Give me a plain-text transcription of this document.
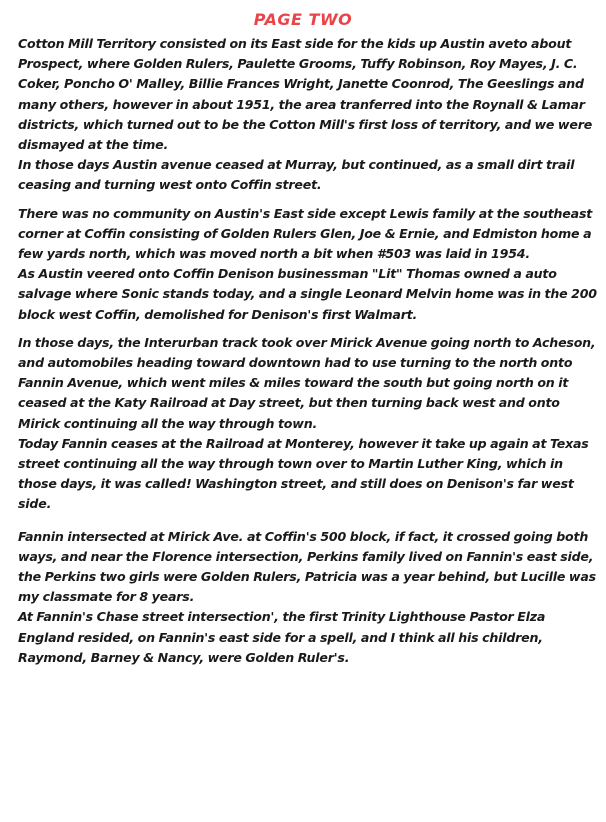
PAGE TWO

Cotton Mill Territory consisted on its East side for the kids up Austin aveto about Prospect, where Golden Rulers, Paulette Grooms, Tuffy Robinson, Roy Mayes, J. C. Coker, Poncho O' Malley, Billie Frances Wright, Janette Coonrod, The Geeslings and many others, however in about 1951, the area tranferred into the Roynall & Lamar districts, which turned out to be the Cotton Mill's first loss of territory, and we were dismayed at the time.

In those days Austin avenue ceased at Murray, but continued, as a small dirt trail ceasing and turning west onto Coffin street.

There was no community on Austin's East side except Lewis family at the southeast corner at Coffin consisting of Golden Rulers Glen, Joe & Ernie, and Edmiston home a few yards north, which was moved north a bit when #503 was laid in 1954.

As Austin veered onto Coffin Denison businessman "Lit" Thomas owned a auto salvage where Sonic stands today, and a single Leonard Melvin home was in the 200 block west Coffin, demolished for Denison's first Walmart.

In those days, the Interurban track took over Mirick Avenue going north to Acheson, and automobiles heading toward downtown had to use turning to the north onto Fannin Avenue, which went miles & miles toward the south but going north on it ceased at the Katy Railroad at Day street, but then turning back west and onto Mirick continuing all the way through town.

Today Fannin ceases at the Railroad at Monterey, however it take up again at Texas street continuing all the way through town over to Martin Luther King, which in those days, it was called! Washington street, and still does on Denison's far west side.

Fannin intersected at Mirick Ave. at Coffin's 500 block, if fact, it crossed going both ways, and near the Florence intersection, Perkins family lived on Fannin's east side, the Perkins two girls were Golden Rulers, Patricia was a year behind, but Lucille was my classmate for 8 years.

At Fannin's Chase street intersection', the first Trinity Lighthouse Pastor Elza England resided, on Fannin's east side for a spell, and I think all his children, Raymond, Barney & Nancy, were Golden Ruler's.
